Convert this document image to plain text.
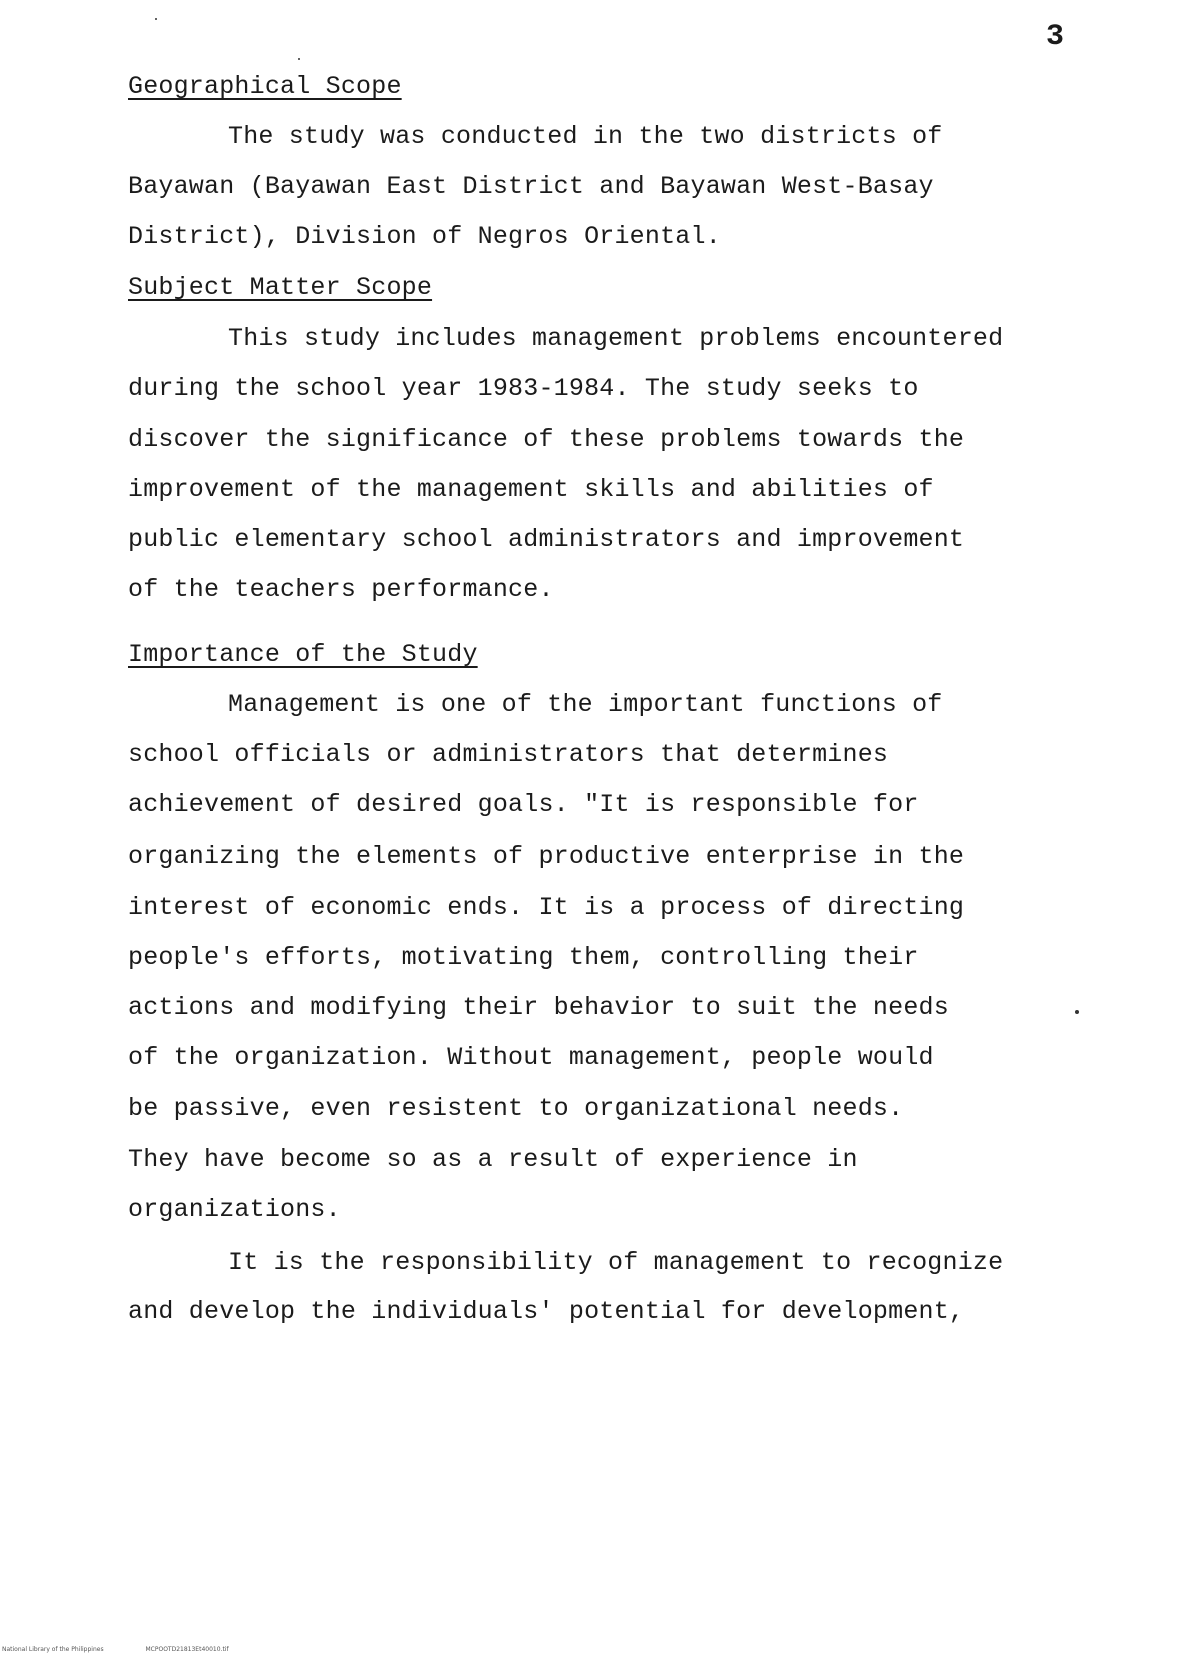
3
Geographical Scope
The study was conducted in the two districts of
Bayawan (Bayawan East District and Bayawan West-Basay
District), Division of Negros Oriental.
Subject Matter Scope
This study includes management problems encountered
during the school year 1983-1984. The study seeks to
discover the significance of these problems towards the
improvement of the management skills and abilities of
public elementary school administrators and improvement
of the teachers performance.
Importance of the Study
Management is one of the important functions of
school officials or administrators that determines
achievement of desired goals. "It is responsible for
organizing the elements of productive enterprise in the
interest of economic ends. It is a process of directing
people's efforts, motivating them, controlling their
actions and modifying their behavior to suit the needs
of the organization. Without management, people would
be passive, even resistent to organizational needs.
They have become so as a result of experience in
organizations.
It is the responsibility of management to recognize
and develop the individuals' potential for development,
National Library of the Philippines	MCPOOTD21813Et40010.tif
